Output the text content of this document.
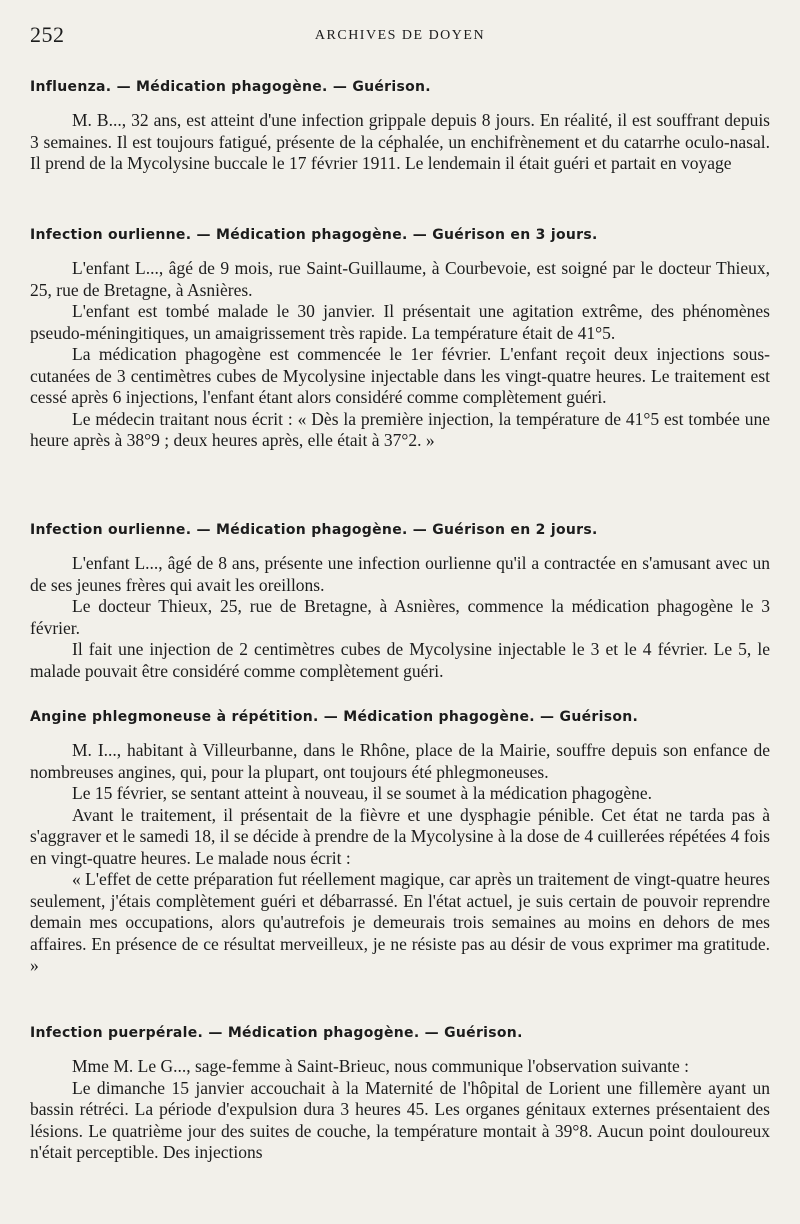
252	ARCHIVES DE DOYEN
Influenza. — Médication phagogène. — Guérison.

M. B..., 32 ans, est atteint d'une infection grippale depuis 8 jours. En réalité, il est souffrant depuis 3 semaines. Il est toujours fatigué, présente de la céphalée, un enchifrènement et du catarrhe oculo-nasal. Il prend de la Mycolysine buccale le 17 février 1911. Le lendemain il était guéri et partait en voyage

Infection ourlienne. — Médication phagogène. — Guérison en 3 jours.

L'enfant L..., âgé de 9 mois, rue Saint-Guillaume, à Courbevoie, est soigné par le docteur Thieux, 25, rue de Bretagne, à Asnières.

L'enfant est tombé malade le 30 janvier. Il présentait une agitation extrême, des phénomènes pseudo-méningitiques, un amaigrissement très rapide. La température était de 41°5.

La médication phagogène est commencée le 1er février. L'enfant reçoit deux injections sous-cutanées de 3 centimètres cubes de Mycolysine injectable dans les vingt-quatre heures. Le traitement est cessé après 6 injections, l'enfant étant alors considéré comme complètement guéri.

Le médecin traitant nous écrit : « Dès la première injection, la température de 41°5 est tombée une heure après à 38°9 ; deux heures après, elle était à 37°2. »

Infection ourlienne. — Médication phagogène. — Guérison en 2 jours.

L'enfant L..., âgé de 8 ans, présente une infection ourlienne qu'il a contractée en s'amusant avec un de ses jeunes frères qui avait les oreillons.

Le docteur Thieux, 25, rue de Bretagne, à Asnières, commence la médication phagogène le 3 février.

Il fait une injection de 2 centimètres cubes de Mycolysine injectable le 3 et le 4 février. Le 5, le malade pouvait être considéré comme complètement guéri.

Angine phlegmoneuse à répétition. — Médication phagogène. — Guérison.

M. I..., habitant à Villeurbanne, dans le Rhône, place de la Mairie, souffre depuis son enfance de nombreuses angines, qui, pour la plupart, ont toujours été phlegmoneuses.

Le 15 février, se sentant atteint à nouveau, il se soumet à la médication phagogène.

Avant le traitement, il présentait de la fièvre et une dysphagie pénible. Cet état ne tarda pas à s'aggraver et le samedi 18, il se décide à prendre de la Mycolysine à la dose de 4 cuillerées répétées 4 fois en vingt-quatre heures. Le malade nous écrit :

« L'effet de cette préparation fut réellement magique, car après un traitement de vingt-quatre heures seulement, j'étais complètement guéri et débarrassé. En l'état actuel, je suis certain de pouvoir reprendre demain mes occupations, alors qu'autrefois je demeurais trois semaines au moins en dehors de mes affaires. En présence de ce résultat merveilleux, je ne résiste pas au désir de vous exprimer ma gratitude. »

Infection puerpérale. — Médication phagogène. — Guérison.

Mme M. Le G..., sage-femme à Saint-Brieuc, nous communique l'observation suivante :

Le dimanche 15 janvier accouchait à la Maternité de l'hôpital de Lorient une fillemère ayant un bassin rétréci. La période d'expulsion dura 3 heures 45. Les organes génitaux externes présentaient des lésions. Le quatrième jour des suites de couche, la température montait à 39°8. Aucun point douloureux n'était perceptible. Des injections
